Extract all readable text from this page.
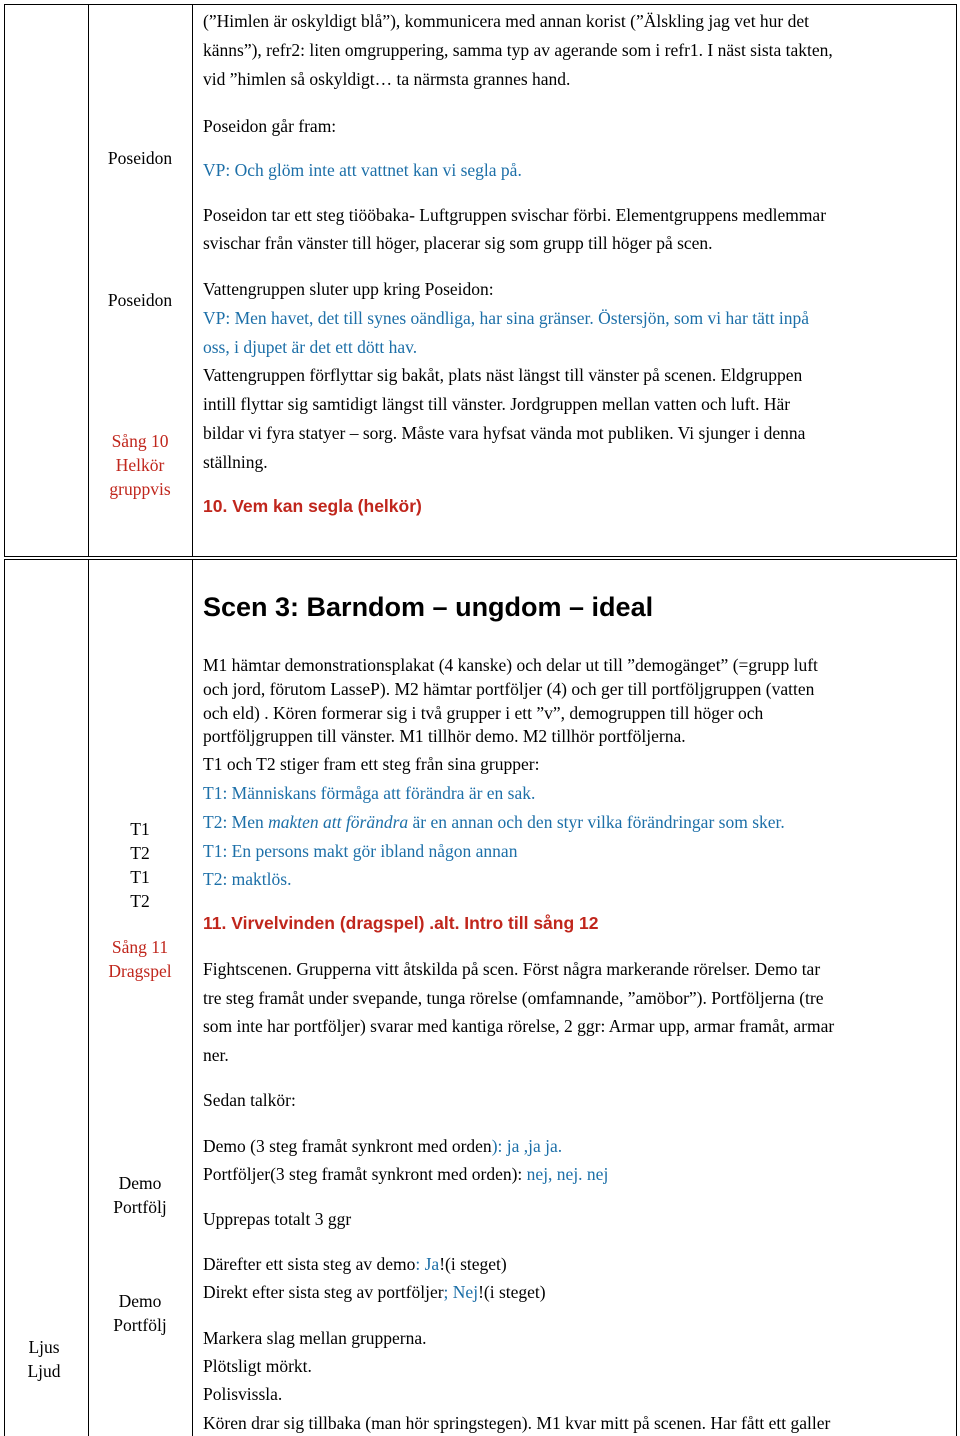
Poseidon
Poseidon
Sång 10
Helkör
gruppvis
(”Himlen är oskyldigt blå”), kommunicera med annan korist (”Älskling jag vet hur det
känns”), refr2: liten omgruppering, samma typ av agerande som i refr1. I näst sista takten,
vid ”himlen så oskyldigt… ta närmsta grannes hand.
Poseidon går fram:
VP: Och glöm inte att vattnet kan vi segla på.
Poseidon tar ett steg tiööbaka- Luftgruppen svischar förbi. Elementgruppens medlemmar
svischar från vänster till höger, placerar sig som grupp till höger på scen.
Vattengruppen sluter upp kring Poseidon:
VP: Men havet, det till synes oändliga, har sina gränser. Östersjön, som vi har tätt inpå
oss, i djupet är det ett dött hav.
Vattengruppen förflyttar sig bakåt, plats näst längst till vänster på scenen. Eldgruppen
intill flyttar sig samtidigt längst till vänster. Jordgruppen mellan vatten och luft. Här
bildar vi fyra statyer – sorg. Måste vara hyfsat vända mot publiken. Vi sjunger i denna
ställning.
10. Vem kan segla (helkör)
Scen 3: Barndom – ungdom – ideal
T1
T2
T1
T2
Sång 11
Dragspel
Demo
Portfölj
Demo
Portfölj
Ljus
Ljud
M1 hämtar demonstrationsplakat (4 kanske) och delar ut till ”demogänget” (=grupp luft
och jord, förutom LasseP). M2 hämtar portföljer (4) och ger till portföljgruppen (vatten
och eld) . Kören formerar sig i två grupper i ett ”v”, demogruppen till höger och
portföljgruppen till vänster. M1 tillhör demo. M2 tillhör portföljerna.
T1 och T2 stiger fram ett steg från sina grupper:
T1: Människans förmåga att förändra är en sak.
T2: Men makten att förändra är en annan och den styr vilka förändringar som sker.
T1: En persons makt gör ibland någon annan
T2: maktlös.
11. Virvelvinden (dragspel) .alt. Intro till sång 12
Fightscenen. Grupperna vitt åtskilda på scen. Först några markerande rörelser. Demo tar
tre steg framåt under svepande, tunga rörelse (omfamnande, ”amöbor”). Portföljerna (tre
som inte har portföljer) svarar med kantiga rörelse, 2 ggr: Armar upp, armar framåt, armar
ner.
Sedan talkör:
Demo (3 steg framåt synkront med orden): ja ,ja ja.
Portföljer(3 steg framåt synkront med orden): nej, nej. nej
Upprepas totalt 3 ggr
Därefter ett sista steg av demo: Ja!(i steget)
Direkt efter sista steg av portföljer; Nej!(i steget)
Markera slag mellan grupperna.
Plötsligt mörkt.
Polisvissla.
Kören drar sig tillbaka (man hör springstegen). M1 kvar mitt på scenen. Har fått ett galler
